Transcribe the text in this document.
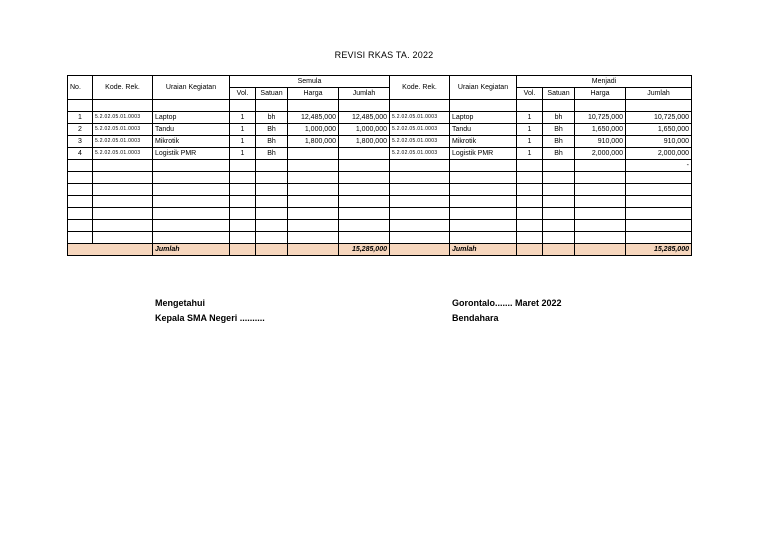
REVISI RKAS TA. 2022
No.	Kode. Rek.	Uraian Kegiatan	Semula				Kode. Rek.	Uraian Kegiatan	Menjadi			
			Vol.	Satuan	Harga	Jumlah			Vol.	Satuan	Harga	Jumlah

1	5.2.02.05.01.0003	Laptop	1	bh	12,485,000	12,485,000	5.2.02.05.01.0003	Laptop	1	bh	10,725,000	10,725,000
2	5.2.02.05.01.0003	Tandu	1	Bh	1,000,000	1,000,000	5.2.02.05.01.0003	Tandu	1	Bh	1,650,000	1,650,000
3	5.2.02.05.01.0003	Mikrotik	1	Bh	1,800,000	1,800,000	5.2.02.05.01.0003	Mikrotik	1	Bh	910,000	910,000
4	5.2.02.05.01.0003	Logistik PMR	1	Bh			5.2.02.05.01.0003	Logistik PMR	1	Bh	2,000,000	2,000,000
												-

		Jumlah				15,285,000		Jumlah				15,285,000
Mengetahui
Kepala SMA Negeri ..........
Gorontalo....... Maret 2022
Bendahara
